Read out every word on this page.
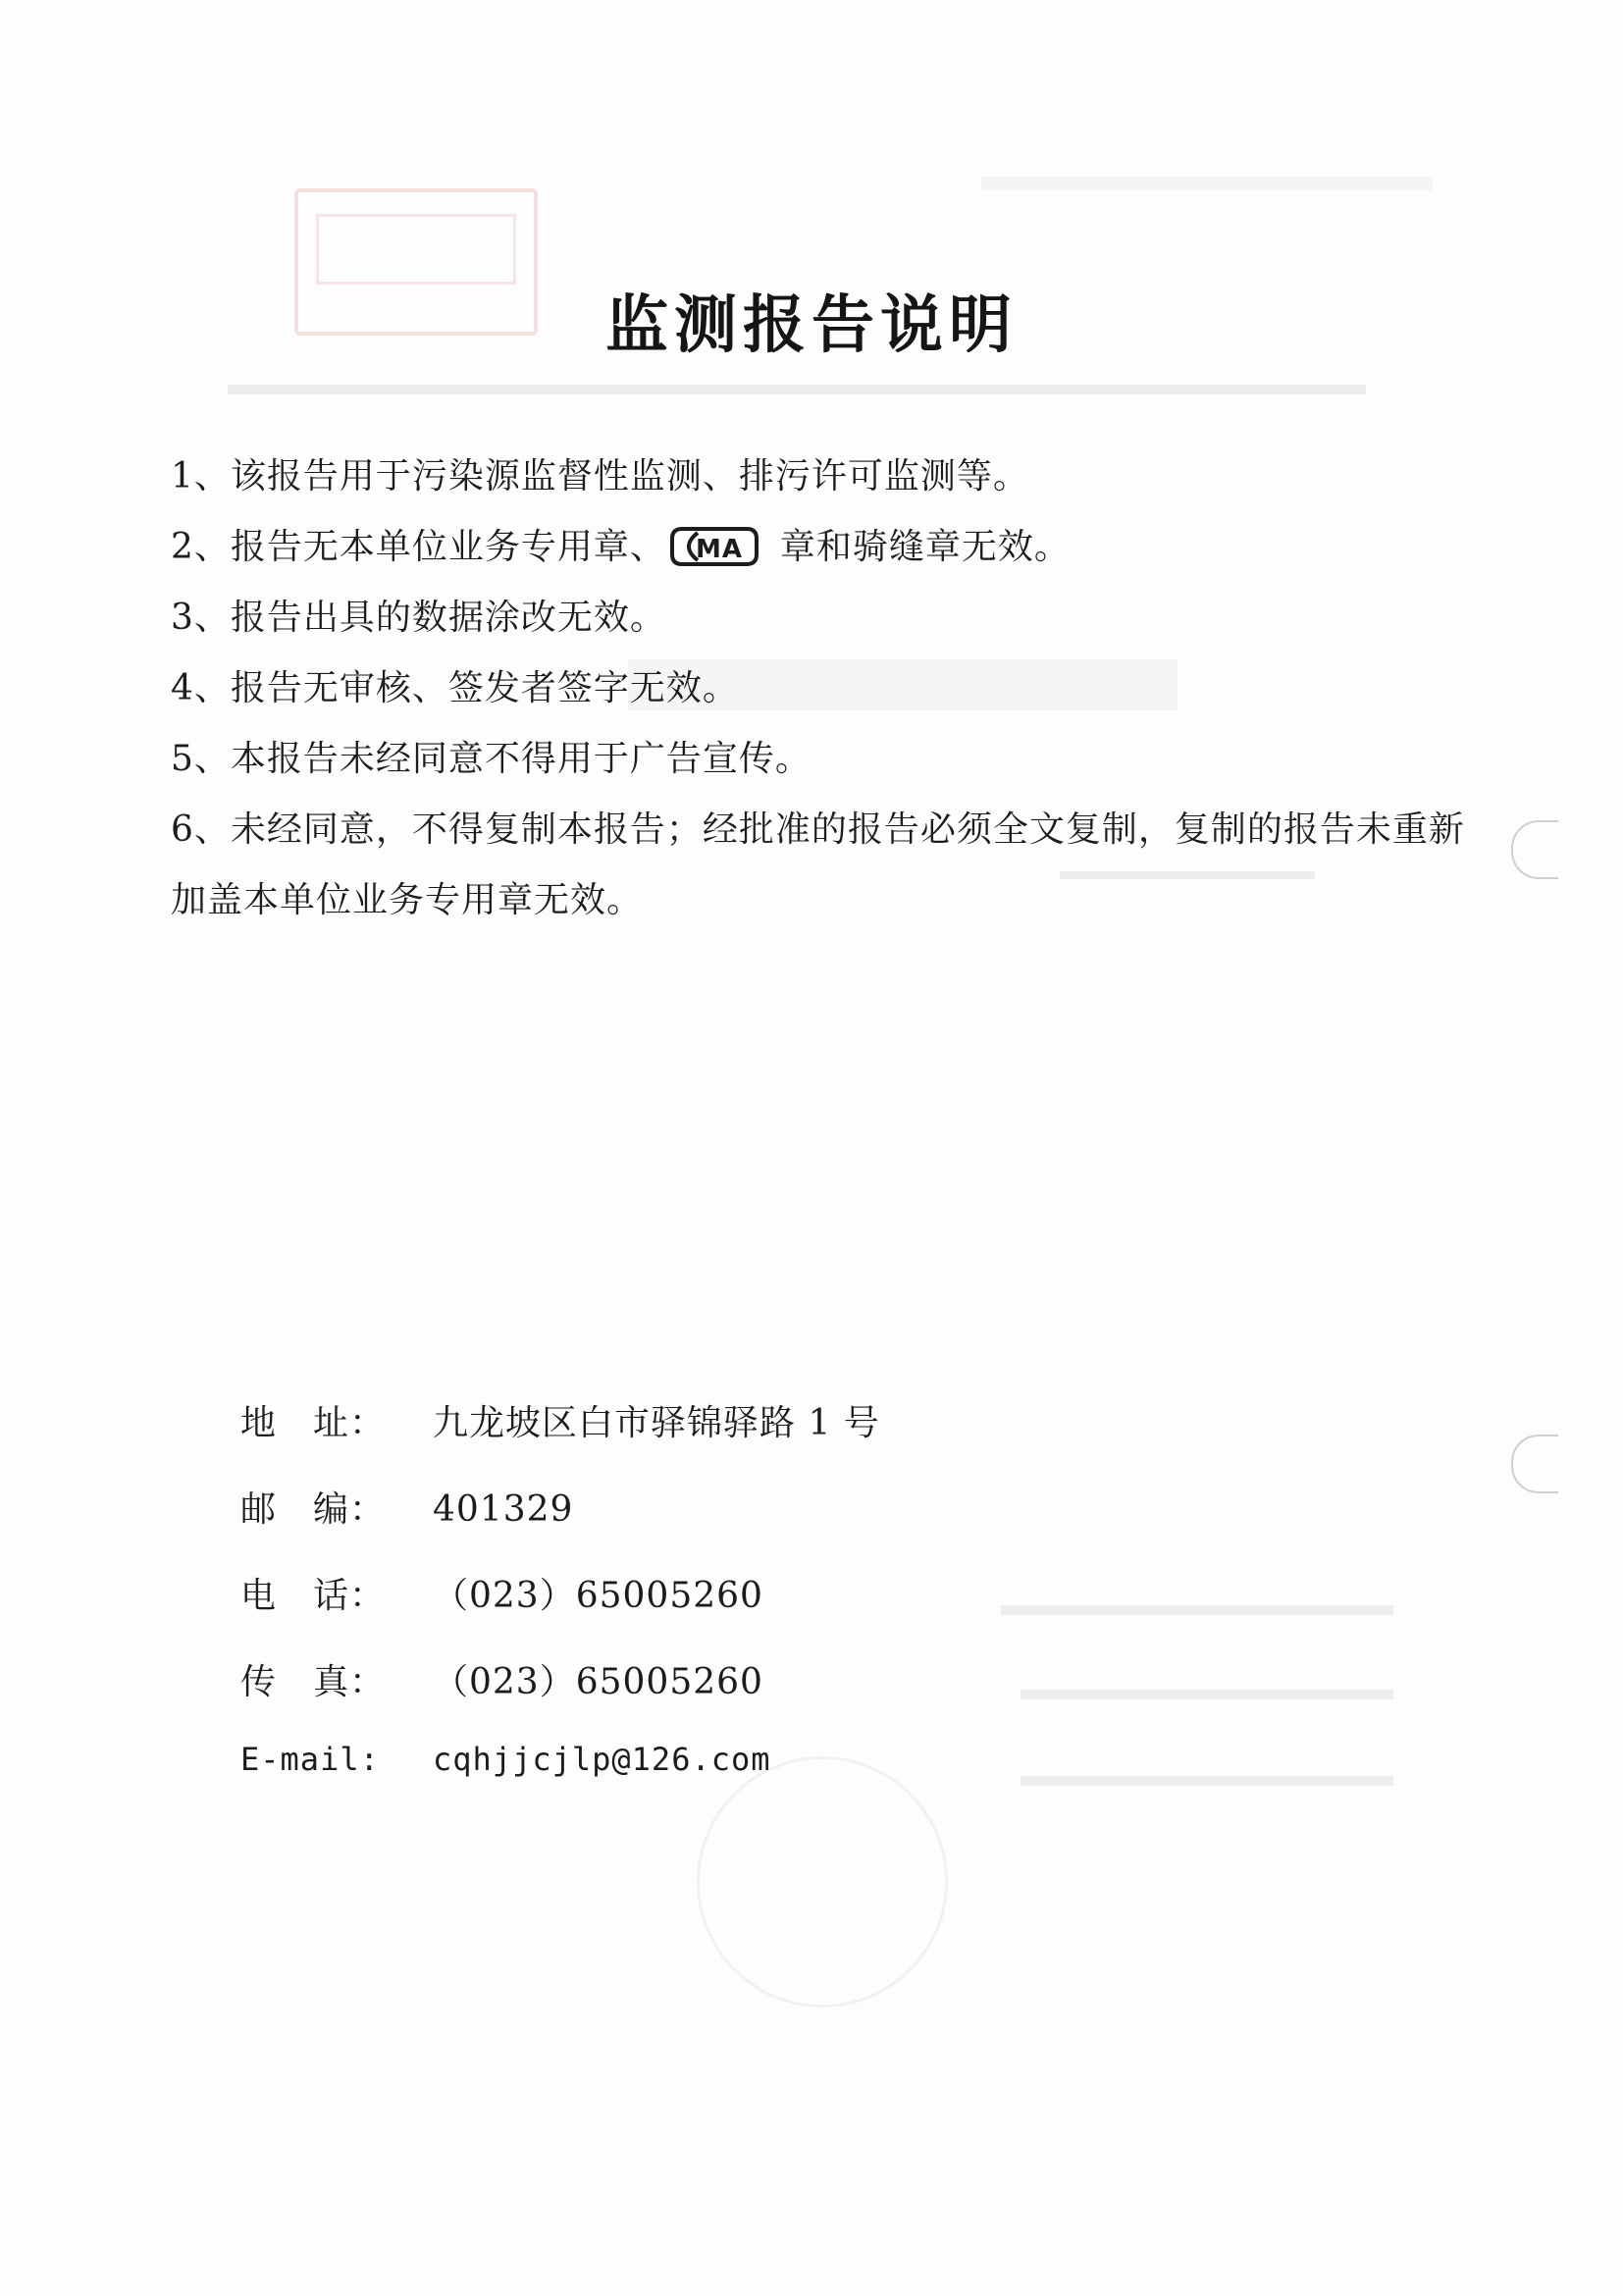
监测报告说明

1、该报告用于污染源监督性监测、排污许可监测等。

2、报告无本单位业务专用章、 MA 章和骑缝章无效。

3、报告出具的数据涂改无效。

4、报告无审核、签发者签字无效。

5、本报告未经同意不得用于广告宣传。

6、未经同意，不得复制本报告；经批准的报告必须全文复制，复制的报告未重新加盖本单位业务专用章无效。

地　址：	九龙坡区白市驿锦驿路 1 号
邮　编：	401329
电　话：	（023）65005260
传　真：	（023）65005260
E-mail:	cqhjjcjlp@126.com
